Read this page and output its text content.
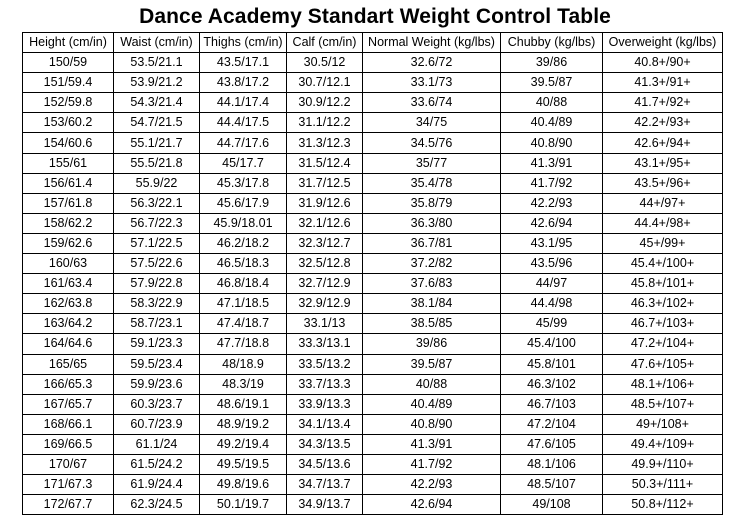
Dance Academy Standart Weight Control Table
Height (cm/in)	Waist (cm/in)	Thighs (cm/in)	Calf (cm/in)	Normal Weight (kg/lbs)	Chubby (kg/lbs)	Overweight (kg/lbs)
150/59	53.5/21.1	43.5/17.1	30.5/12	32.6/72	39/86	40.8+/90+
151/59.4	53.9/21.2	43.8/17.2	30.7/12.1	33.1/73	39.5/87	41.3+/91+
152/59.8	54.3/21.4	44.1/17.4	30.9/12.2	33.6/74	40/88	41.7+/92+
153/60.2	54.7/21.5	44.4/17.5	31.1/12.2	34/75	40.4/89	42.2+/93+
154/60.6	55.1/21.7	44.7/17.6	31.3/12.3	34.5/76	40.8/90	42.6+/94+
155/61	55.5/21.8	45/17.7	31.5/12.4	35/77	41.3/91	43.1+/95+
156/61.4	55.9/22	45.3/17.8	31.7/12.5	35.4/78	41.7/92	43.5+/96+
157/61.8	56.3/22.1	45.6/17.9	31.9/12.6	35.8/79	42.2/93	44+/97+
158/62.2	56.7/22.3	45.9/18.01	32.1/12.6	36.3/80	42.6/94	44.4+/98+
159/62.6	57.1/22.5	46.2/18.2	32.3/12.7	36.7/81	43.1/95	45+/99+
160/63	57.5/22.6	46.5/18.3	32.5/12.8	37.2/82	43.5/96	45.4+/100+
161/63.4	57.9/22.8	46.8/18.4	32.7/12.9	37.6/83	44/97	45.8+/101+
162/63.8	58.3/22.9	47.1/18.5	32.9/12.9	38.1/84	44.4/98	46.3+/102+
163/64.2	58.7/23.1	47.4/18.7	33.1/13	38.5/85	45/99	46.7+/103+
164/64.6	59.1/23.3	47.7/18.8	33.3/13.1	39/86	45.4/100	47.2+/104+
165/65	59.5/23.4	48/18.9	33.5/13.2	39.5/87	45.8/101	47.6+/105+
166/65.3	59.9/23.6	48.3/19	33.7/13.3	40/88	46.3/102	48.1+/106+
167/65.7	60.3/23.7	48.6/19.1	33.9/13.3	40.4/89	46.7/103	48.5+/107+
168/66.1	60.7/23.9	48.9/19.2	34.1/13.4	40.8/90	47.2/104	49+/108+
169/66.5	61.1/24	49.2/19.4	34.3/13.5	41.3/91	47.6/105	49.4+/109+
170/67	61.5/24.2	49.5/19.5	34.5/13.6	41.7/92	48.1/106	49.9+/110+
171/67.3	61.9/24.4	49.8/19.6	34.7/13.7	42.2/93	48.5/107	50.3+/111+
172/67.7	62.3/24.5	50.1/19.7	34.9/13.7	42.6/94	49/108	50.8+/112+
